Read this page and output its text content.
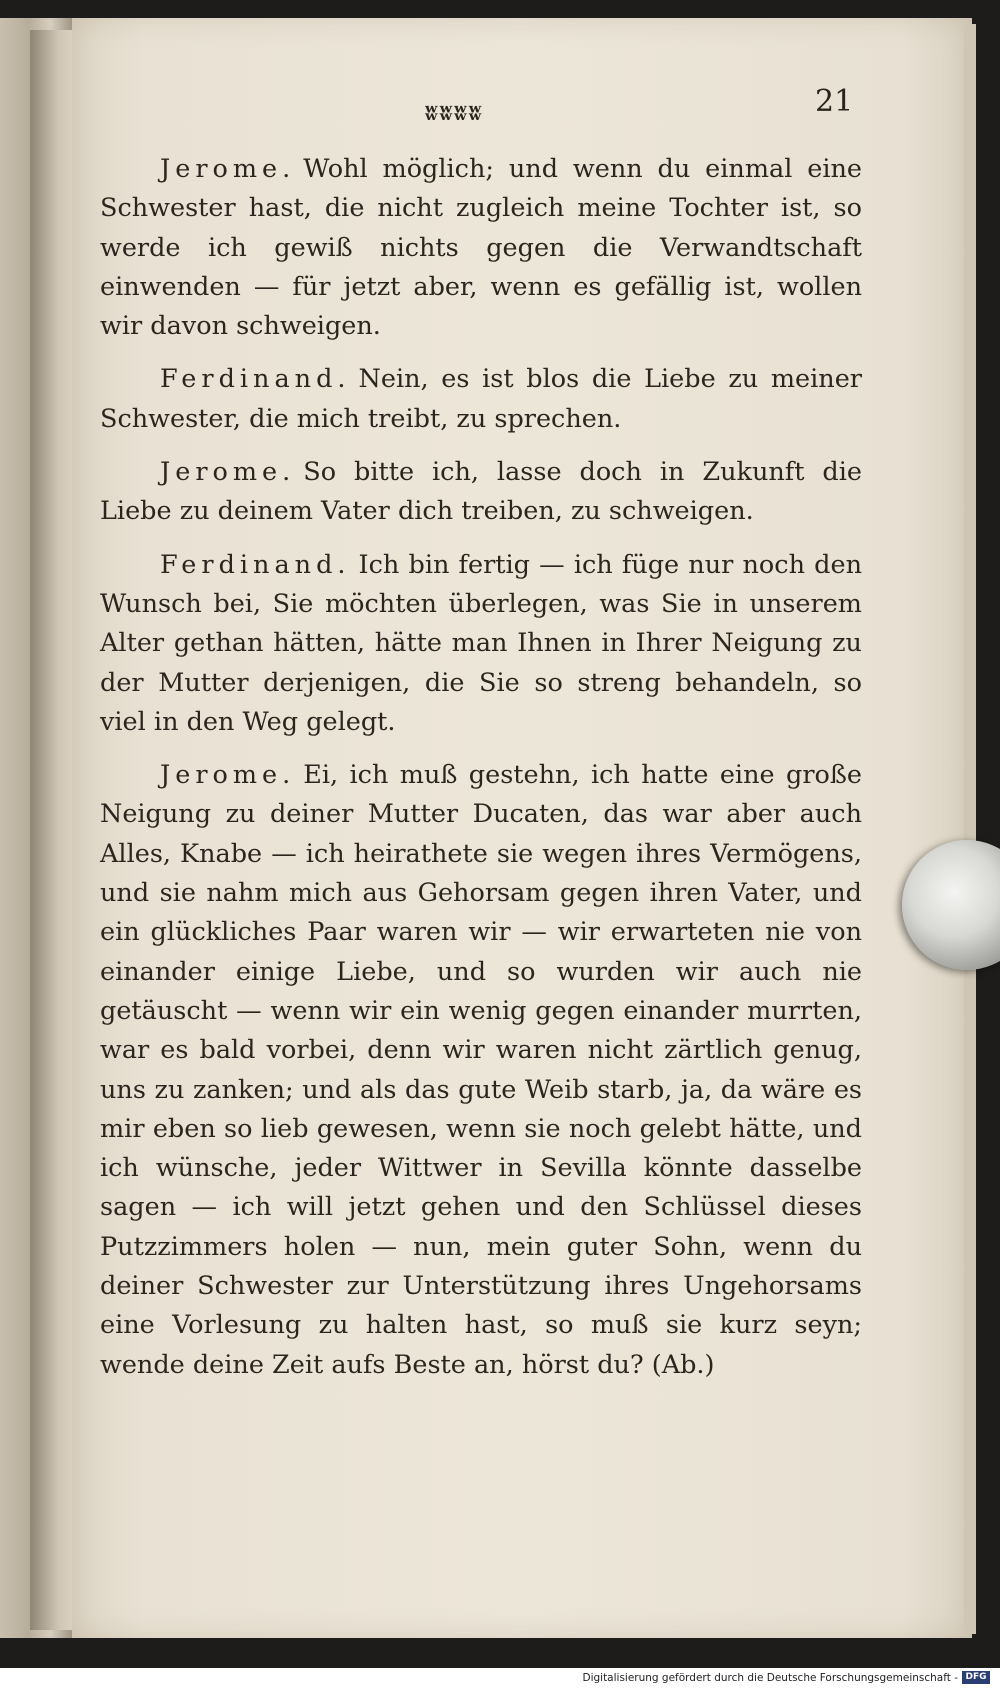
ʬʬʬʬ	21

Jerome. Wohl möglich; und wenn du einmal eine Schwester hast, die nicht zugleich meine Tochter ist, so werde ich gewiß nichts gegen die Verwandtschaft einwenden — für jetzt aber, wenn es gefällig ist, wollen wir davon schweigen.

Ferdinand. Nein, es ist blos die Liebe zu meiner Schwester, die mich treibt, zu sprechen.

Jerome. So bitte ich, lasse doch in Zukunft die Liebe zu deinem Vater dich treiben, zu schweigen.

Ferdinand. Ich bin fertig — ich füge nur noch den Wunsch bei, Sie möchten überlegen, was Sie in unserem Alter gethan hätten, hätte man Ihnen in Ihrer Neigung zu der Mutter derjenigen, die Sie so streng behandeln, so viel in den Weg gelegt.

Jerome. Ei, ich muß gestehn, ich hatte eine große Neigung zu deiner Mutter Ducaten, das war aber auch Alles, Knabe — ich heirathete sie wegen ihres Vermögens, und sie nahm mich aus Gehorsam gegen ihren Vater, und ein glückliches Paar waren wir — wir erwarteten nie von einander einige Liebe, und so wurden wir auch nie getäuscht — wenn wir ein wenig gegen einander murrten, war es bald vorbei, denn wir waren nicht zärtlich genug, uns zu zanken; und als das gute Weib starb, ja, da wäre es mir eben so lieb gewesen, wenn sie noch gelebt hätte, und ich wünsche, jeder Wittwer in Sevilla könnte dasselbe sagen — ich will jetzt gehen und den Schlüssel dieses Putzzimmers holen — nun, mein guter Sohn, wenn du deiner Schwester zur Unterstützung ihres Ungehorsams eine Vorlesung zu halten hast, so muß sie kurz seyn; wende deine Zeit aufs Beste an, hörst du? (Ab.)

Digitalisierung gefördert durch die Deutsche Forschungsgemeinschaft - DFG
